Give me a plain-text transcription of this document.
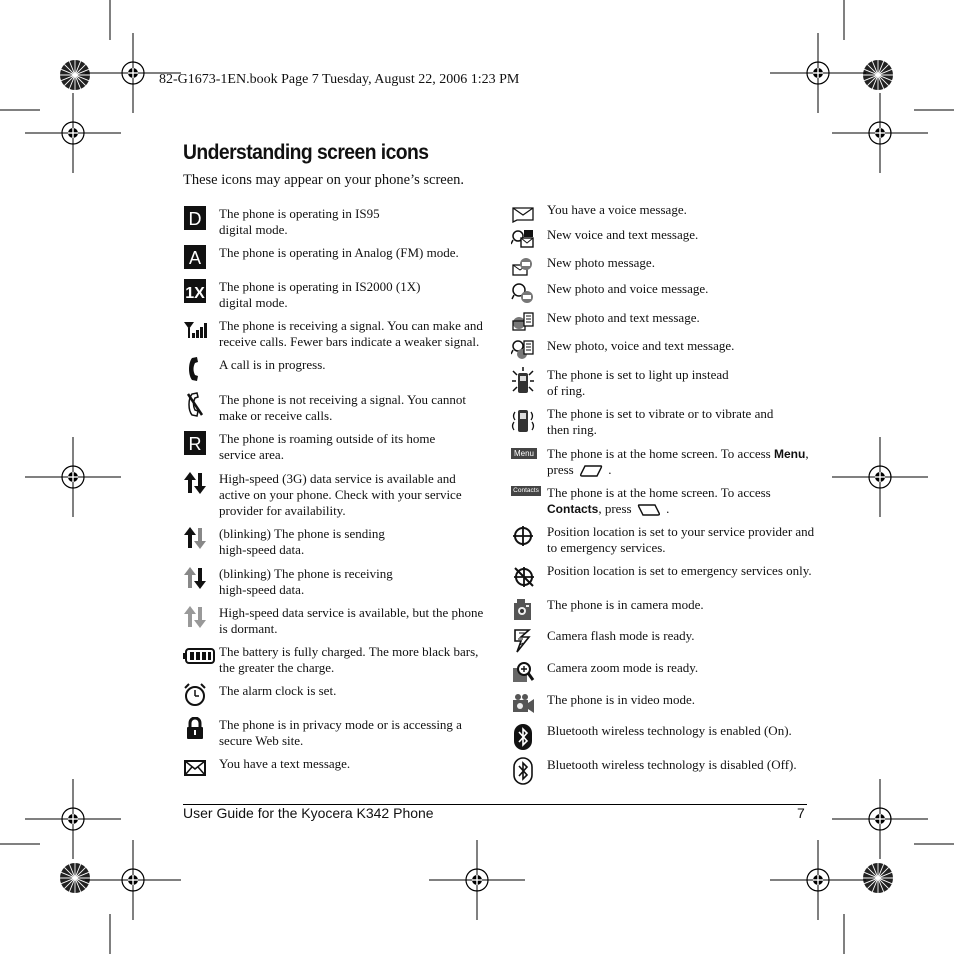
82-G1673-1EN.book Page 7 Tuesday, August 22, 2006 1:23 PM
Understanding screen icons
These icons may appear on your phone’s screen.
D The phone is operating in IS95
digital mode.
A The phone is operating in Analog (FM) mode.
1X The phone is operating in IS2000 (1X)
digital mode.
The phone is receiving a signal. You can make and
receive calls. Fewer bars indicate a weaker signal.
A call is in progress.
The phone is not receiving a signal. You cannot
make or receive calls.
R The phone is roaming outside of its home
service area.
High-speed (3G) data service is available and
active on your phone. Check with your service
provider for availability.
(blinking) The phone is sending
high-speed data.
(blinking) The phone is receiving
high-speed data.
High-speed data service is available, but the phone
is dormant.
The battery is fully charged. The more black bars,
the greater the charge.
The alarm clock is set.
The phone is in privacy mode or is accessing a
secure Web site.
You have a text message.
You have a voice message.
New voice and text message.
New photo message.
New photo and voice message.
New photo and text message.
New photo, voice and text message.
The phone is set to light up instead
of ring.
The phone is set to vibrate or to vibrate and
then ring.
Menu The phone is at the home screen. To access Menu,
press	.
Contacts The phone is at the home screen. To access
Contacts, press	.
Position location is set to your service provider and
to emergency services.
Position location is set to emergency services only.
The phone is in camera mode.
Camera flash mode is ready.
Camera zoom mode is ready.
The phone is in video mode.
Bluetooth wireless technology is enabled (On).
Bluetooth wireless technology is disabled (Off).
User Guide for the Kyocera K342 Phone	7
